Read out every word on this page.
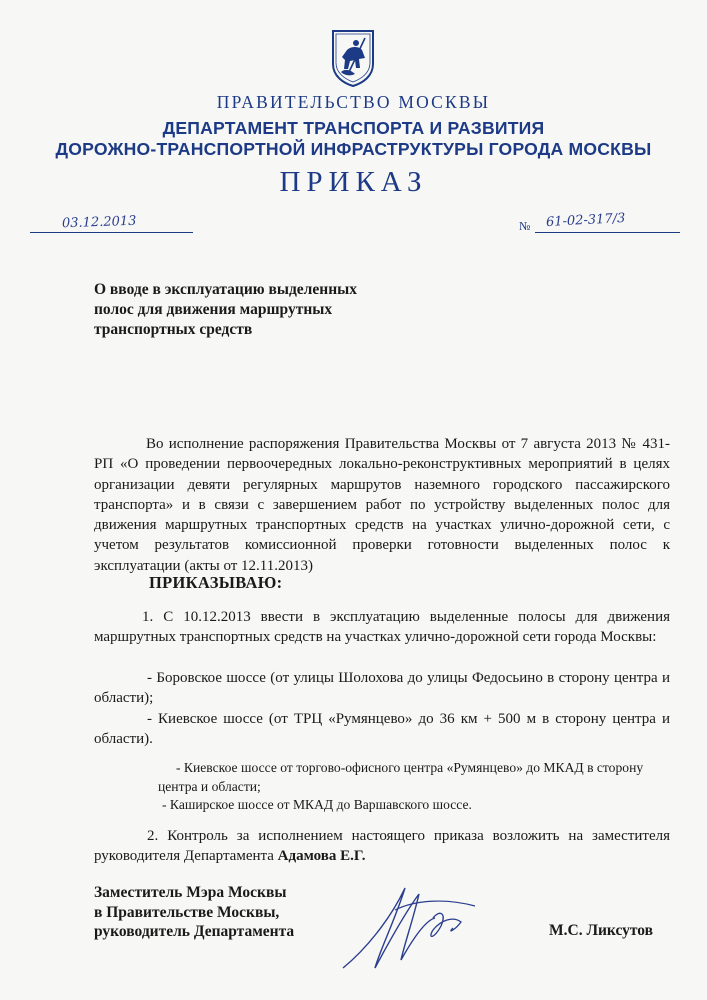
ПРАВИТЕЛЬСТВО МОСКВЫ
ДЕПАРТАМЕНТ ТРАНСПОРТА И РАЗВИТИЯ
ДОРОЖНО-ТРАНСПОРТНОЙ ИНФРАСТРУКТУРЫ ГОРОДА МОСКВЫ
ПРИКАЗ
03.12.2013	№ 61-02-317/3
О вводе в эксплуатацию выделенных полос для движения маршрутных транспортных средств
Во исполнение распоряжения Правительства Москвы от 7 августа 2013 № 431-РП «О проведении первоочередных локально-реконструктивных мероприятий в целях организации девяти регулярных маршрутов наземного городского пассажирского транспорта» и в связи с завершением работ по устройству выделенных полос для движения маршрутных транспортных средств на участках улично-дорожной сети, с учетом результатов комиссионной проверки готовности выделенных полос к эксплуатации (акты от 12.11.2013)
ПРИКАЗЫВАЮ:
1. С 10.12.2013 ввести в эксплуатацию выделенные полосы для движения маршрутных транспортных средств на участках улично-дорожной сети города Москвы:
- Боровское шоссе (от улицы Шолохова до улицы Федосьино в сторону центра и области);
- Киевское шоссе (от ТРЦ «Румянцево» до 36 км + 500 м в сторону центра и области).
- Киевское шоссе от торгово-офисного центра «Румянцево» до МКАД в сторону центра и области;
- Каширское шоссе от МКАД до Варшавского шоссе.
2. Контроль за исполнением настоящего приказа возложить на заместителя руководителя Департамента Адамова Е.Г.
Заместитель Мэра Москвы
в Правительстве Москвы,
руководитель Департамента	М.С. Ликсутов
